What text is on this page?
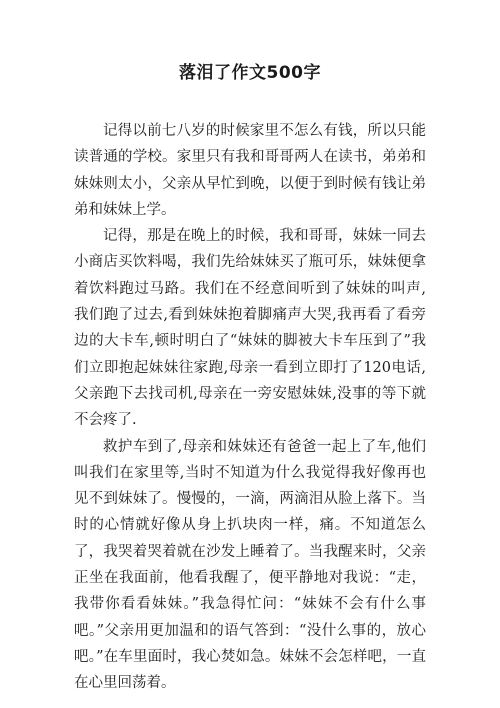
落泪了作文500字

记得以前七八岁的时候家里不怎么有钱，所以只能读普通的学校。家里只有我和哥哥两人在读书，弟弟和妹妹则太小，父亲从早忙到晚，以便于到时候有钱让弟弟和妹妹上学。

记得，那是在晚上的时候，我和哥哥，妹妹一同去小商店买饮料喝，我们先给妹妹买了瓶可乐，妹妹便拿着饮料跑过马路。我们在不经意间听到了妹妹的叫声,我们跑了过去,看到妹妹抱着脚痛声大哭,我再看了看旁边的大卡车,顿时明白了“妹妹的脚被大卡车压到了”我们立即抱起妹妹往家跑,母亲一看到立即打了120电话,父亲跑下去找司机,母亲在一旁安慰妹妹,没事的等下就不会疼了.

救护车到了,母亲和妹妹还有爸爸一起上了车,他们叫我们在家里等,当时不知道为什么我觉得我好像再也见不到妹妹了。慢慢的，一滴，两滴泪从脸上落下。当时的心情就好像从身上扒块肉一样，痛。不知道怎么了，我哭着哭着就在沙发上睡着了。当我醒来时，父亲正坐在我面前，他看我醒了，便平静地对我说：“走，我带你看看妹妹。”我急得忙问：“妹妹不会有什么事吧。”父亲用更加温和的语气答到：“没什么事的，放心吧。”在车里面时，我心焚如急。妹妹不会怎样吧，一直在心里回荡着。
